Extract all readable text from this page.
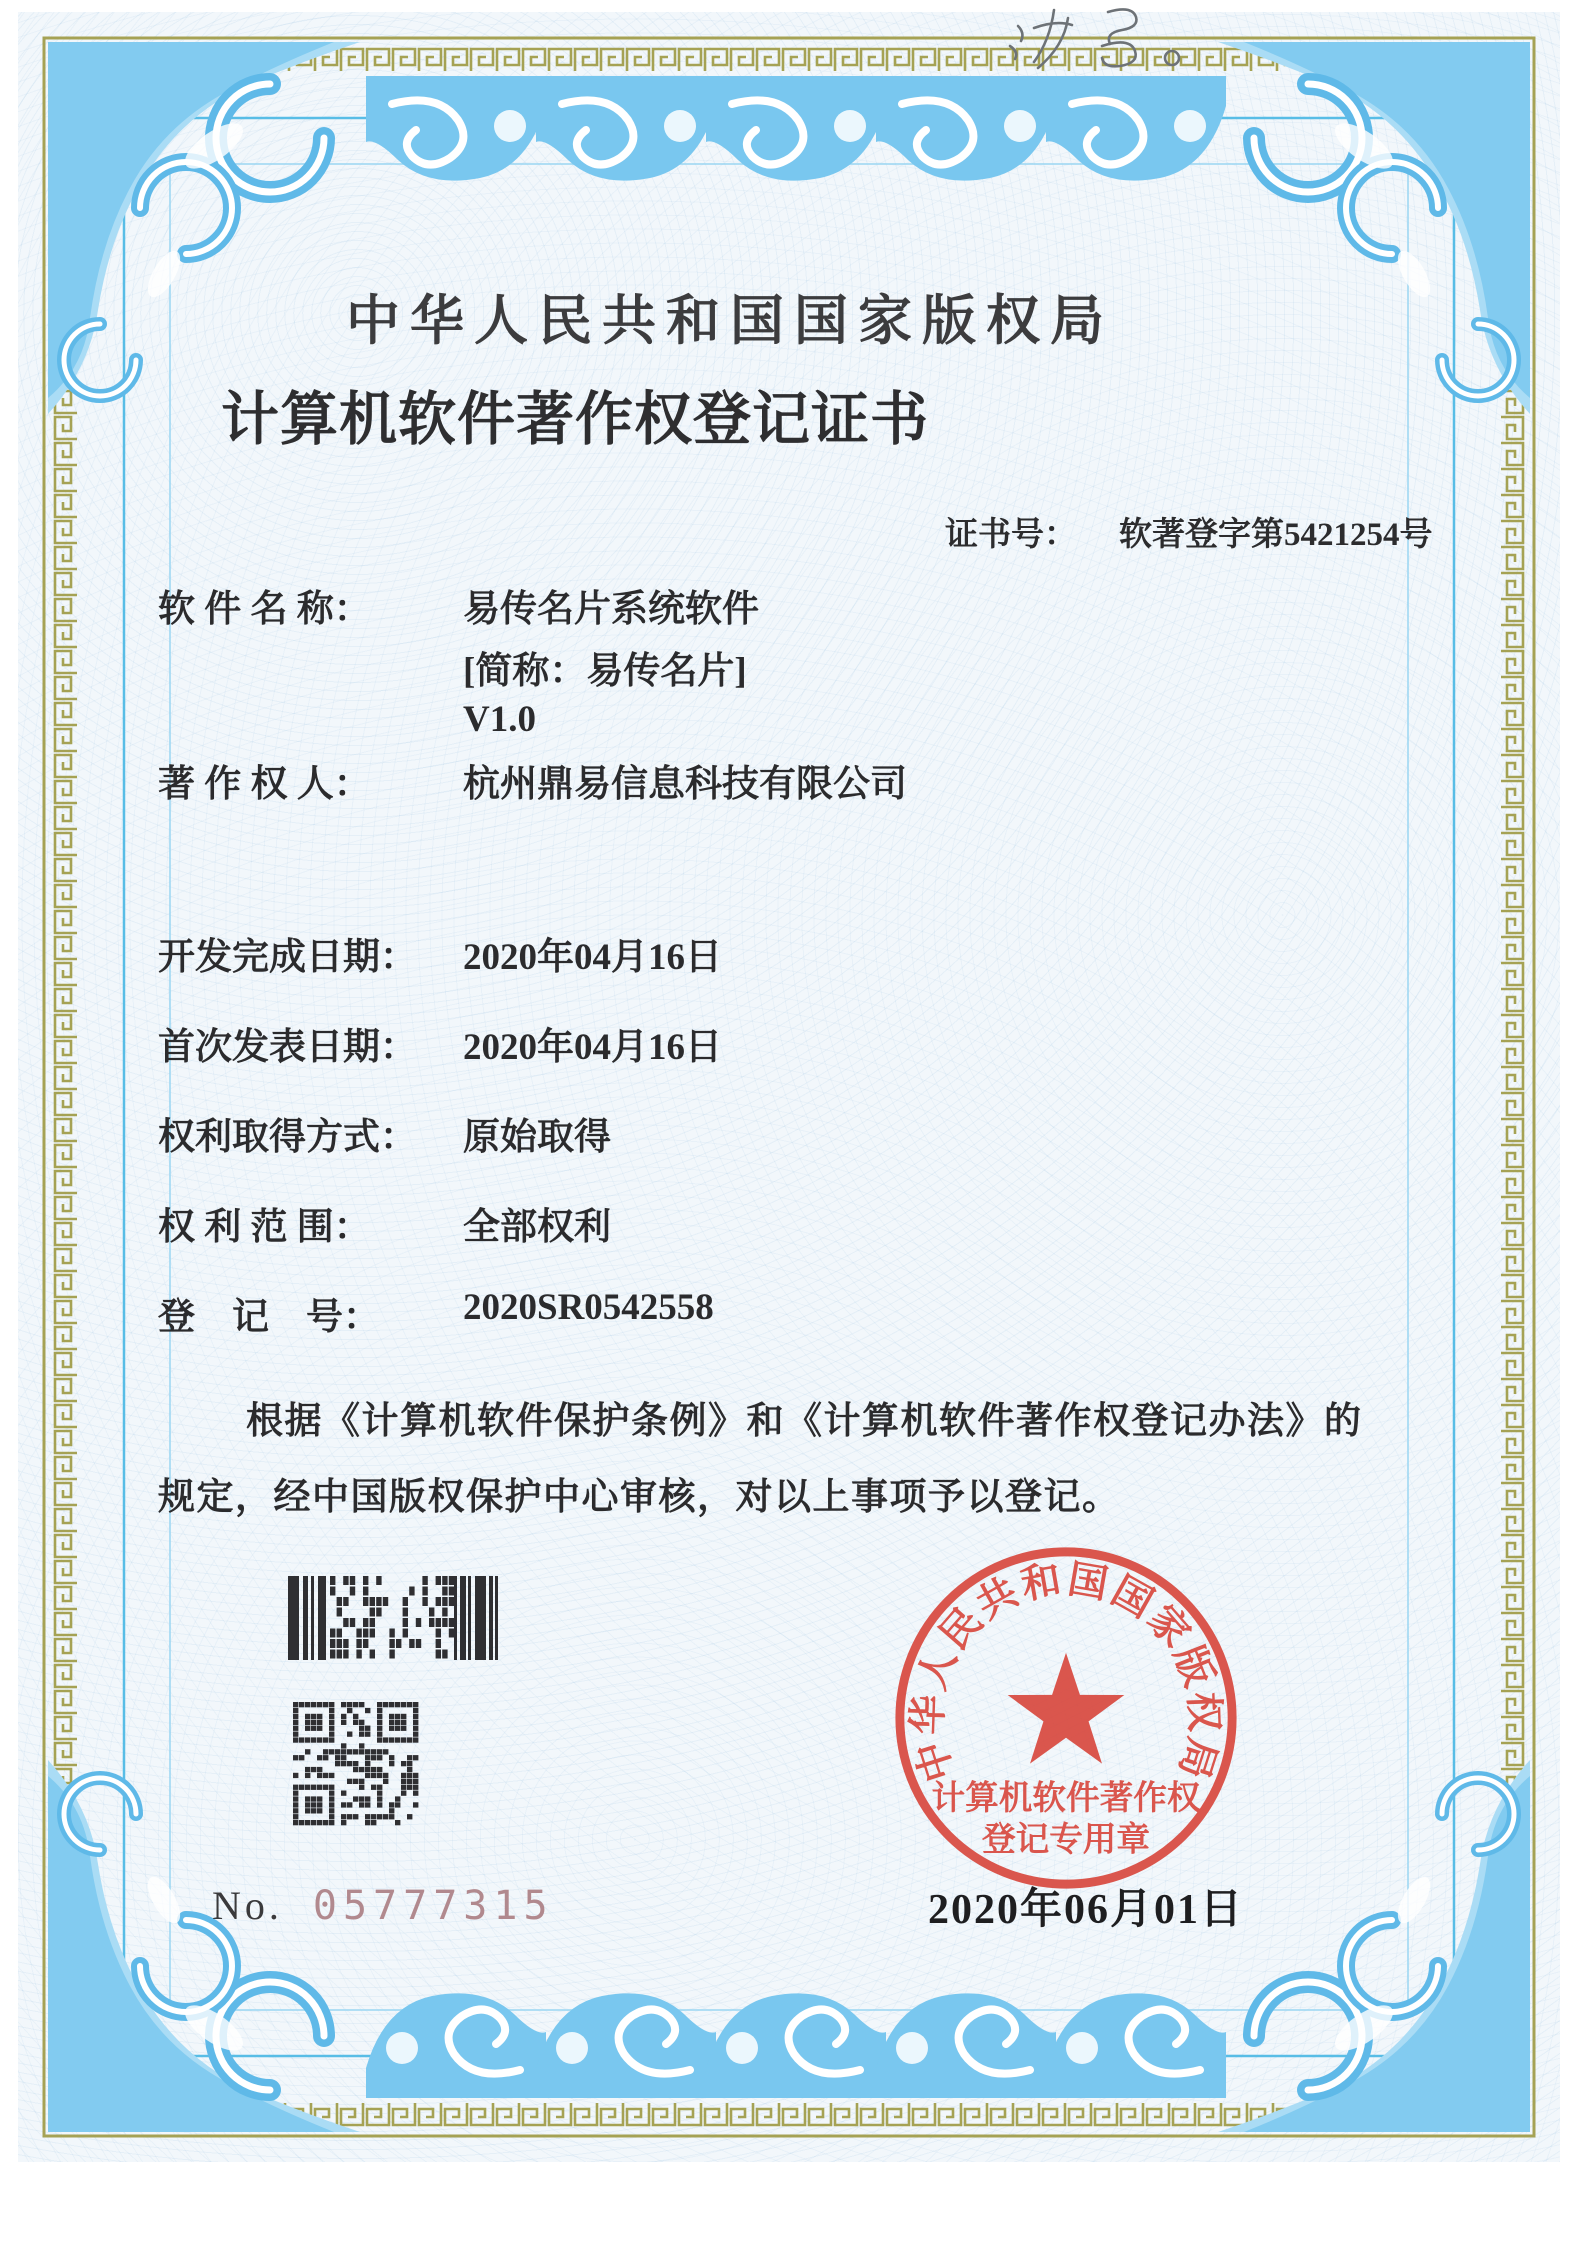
中华人民共和国国家版权局
计算机软件著作权登记证书
证书号： 软著登字第5421254号
软 件 名 称： 易传名片系统软件
[简称：易传名片]
V1.0
著 作 权 人： 杭州鼎易信息科技有限公司
开发完成日期： 2020年04月16日
首次发表日期： 2020年04月16日
权利取得方式： 原始取得
权 利 范 围： 全部权利
登　记　号： 2020SR0542558
根据《计算机软件保护条例》和《计算机软件著作权登记办法》的
规定，经中国版权保护中心审核，对以上事项予以登记。
No. 05777315
中华人民共和国国家版权局
计算机软件著作权
登记专用章
2020年06月01日
